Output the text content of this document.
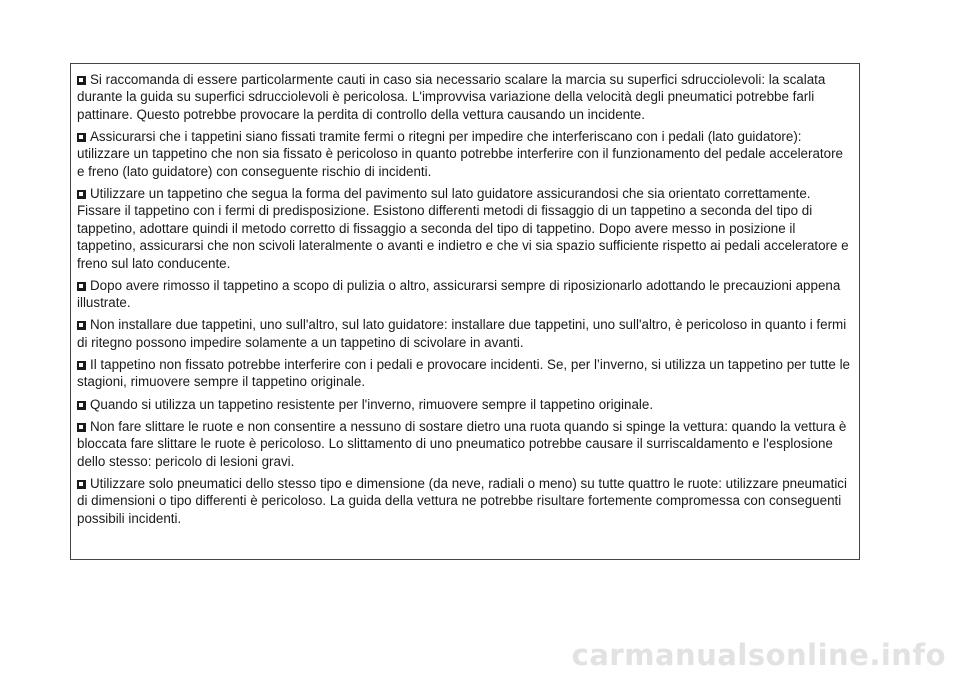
Si raccomanda di essere particolarmente cauti in caso sia necessario scalare la marcia su superfici sdrucciolevoli: la scalata durante la guida su superfici sdrucciolevoli è pericolosa. L'improvvisa variazione della velocità degli pneumatici potrebbe farli pattinare. Questo potrebbe provocare la perdita di controllo della vettura causando un incidente.

Assicurarsi che i tappetini siano fissati tramite fermi o ritegni per impedire che interferiscano con i pedali (lato guidatore): utilizzare un tappetino che non sia fissato è pericoloso in quanto potrebbe interferire con il funzionamento del pedale acceleratore e freno (lato guidatore) con conseguente rischio di incidenti.

Utilizzare un tappetino che segua la forma del pavimento sul lato guidatore assicurandosi che sia orientato correttamente. Fissare il tappetino con i fermi di predisposizione. Esistono differenti metodi di fissaggio di un tappetino a seconda del tipo di tappetino, adottare quindi il metodo corretto di fissaggio a seconda del tipo di tappetino. Dopo avere messo in posizione il tappetino, assicurarsi che non scivoli lateralmente o avanti e indietro e che vi sia spazio sufficiente rispetto ai pedali acceleratore e freno sul lato conducente.

Dopo avere rimosso il tappetino a scopo di pulizia o altro, assicurarsi sempre di riposizionarlo adottando le precauzioni appena illustrate.

Non installare due tappetini, uno sull'altro, sul lato guidatore: installare due tappetini, uno sull'altro, è pericoloso in quanto i fermi di ritegno possono impedire solamente a un tappetino di scivolare in avanti.

Il tappetino non fissato potrebbe interferire con i pedali e provocare incidenti. Se, per l’inverno, si utilizza un tappetino per tutte le stagioni, rimuovere sempre il tappetino originale.

Quando si utilizza un tappetino resistente per l'inverno, rimuovere sempre il tappetino originale.

Non fare slittare le ruote e non consentire a nessuno di sostare dietro una ruota quando si spinge la vettura: quando la vettura è bloccata fare slittare le ruote è pericoloso. Lo slittamento di uno pneumatico potrebbe causare il surriscaldamento e l'esplosione dello stesso: pericolo di lesioni gravi.

Utilizzare solo pneumatici dello stesso tipo e dimensione (da neve, radiali o meno) su tutte quattro le ruote: utilizzare pneumatici di dimensioni o tipo differenti è pericoloso. La guida della vettura ne potrebbe risultare fortemente compromessa con conseguenti possibili incidenti.

carmanualsonline.info
